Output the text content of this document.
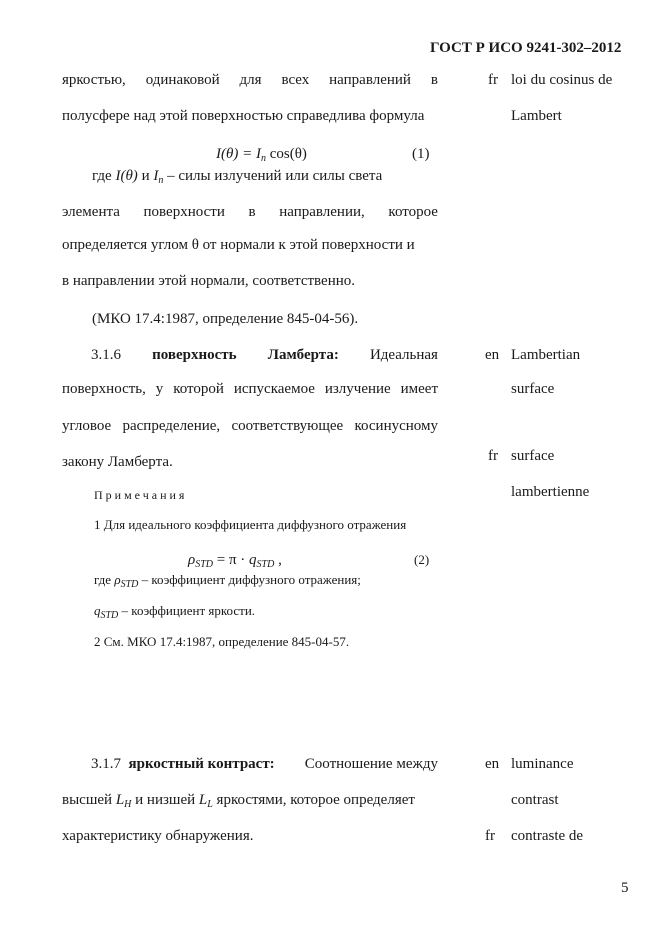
ГОСТ Р ИСО 9241-302–2012
яркостью, одинаковой для всех направлений в
полусфере над этой поверхностью справедлива формула
$I(\theta) = I_n$ cos(θ)	(1)
где I(θ) и $I_n$ – силы излучений или силы света
элемента поверхности в направлении, которое
определяется углом θ от нормали к этой поверхности и
в направлении этой нормали, соответственно.
(МКО 17.4:1987, определение 845-04-56).
fr loi du cosinus de
Lambert
3.1.6 поверхность Ламберта: Идеальная
поверхность, у которой испускаемое излучение имеет
угловое распределение, соответствующее косинусному
закону Ламберта.
Примечания
1 Для идеального коэффициента диффузного отражения
$\rho_{STD} = \pi \cdot q_{STD}$ ,	(2)
где $\rho_{STD}$ – коэффициент диффузного отражения;
$q_{STD}$ – коэффициент яркости.
2 См. МКО 17.4:1987, определение 845-04-57.
en Lambertian
surface
fr surface
lambertienne
3.1.7 яркостный контраст: Соотношение между
высшей $L_H$ и низшей $L_L$ яркостями, которое определяет
характеристику обнаружения.
en luminance
contrast
fr contraste de
5
